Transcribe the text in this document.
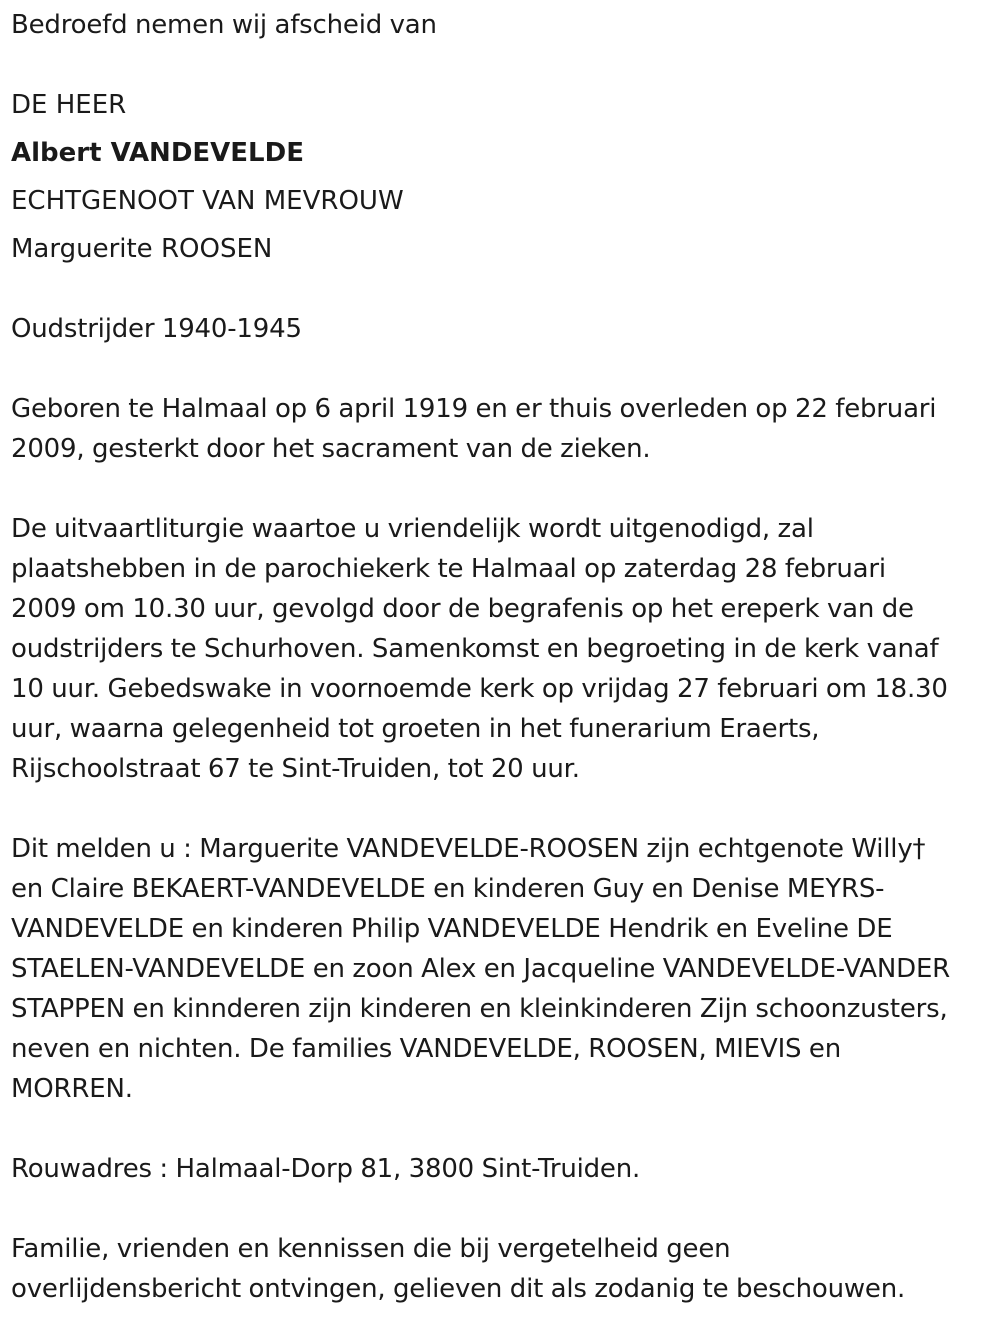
Bedroefd nemen wij afscheid van

DE HEER
Albert VANDEVELDE
ECHTGENOOT VAN MEVROUW
Marguerite ROOSEN

Oudstrijder 1940-1945

Geboren te Halmaal op 6 april 1919 en er thuis overleden op 22 februari 2009, gesterkt door het sacrament van de zieken.

De uitvaartliturgie waartoe u vriendelijk wordt uitgenodigd, zal

plaatshebben in de parochiekerk te Halmaal op zaterdag 28 februari

2009 om 10.30 uur, gevolgd door de begrafenis op het ereperk van de

oudstrijders te Schurhoven. Samenkomst en begroeting in de kerk vanaf

10 uur. Gebedswake in voornoemde kerk op vrijdag 27 februari om 18.30

uur, waarna gelegenheid tot groeten in het funerarium Eraerts,

Rijschoolstraat 67 te Sint-Truiden, tot 20 uur.

Dit melden u : Marguerite VANDEVELDE-ROOSEN zijn echtgenote Willy†

en Claire BEKAERT-VANDEVELDE en kinderen Guy en Denise MEYRS-

VANDEVELDE en kinderen Philip VANDEVELDE Hendrik en Eveline DE

STAELEN-VANDEVELDE en zoon Alex en Jacqueline VANDEVELDE-VANDER

STAPPEN en kinnderen zijn kinderen en kleinkinderen Zijn schoonzusters,

neven en nichten. De families VANDEVELDE, ROOSEN, MIEVIS en

MORREN.

Rouwadres : Halmaal-Dorp 81, 3800 Sint-Truiden.

Familie, vrienden en kennissen die bij vergetelheid geen

overlijdensbericht ontvingen, gelieven dit als zodanig te beschouwen.
